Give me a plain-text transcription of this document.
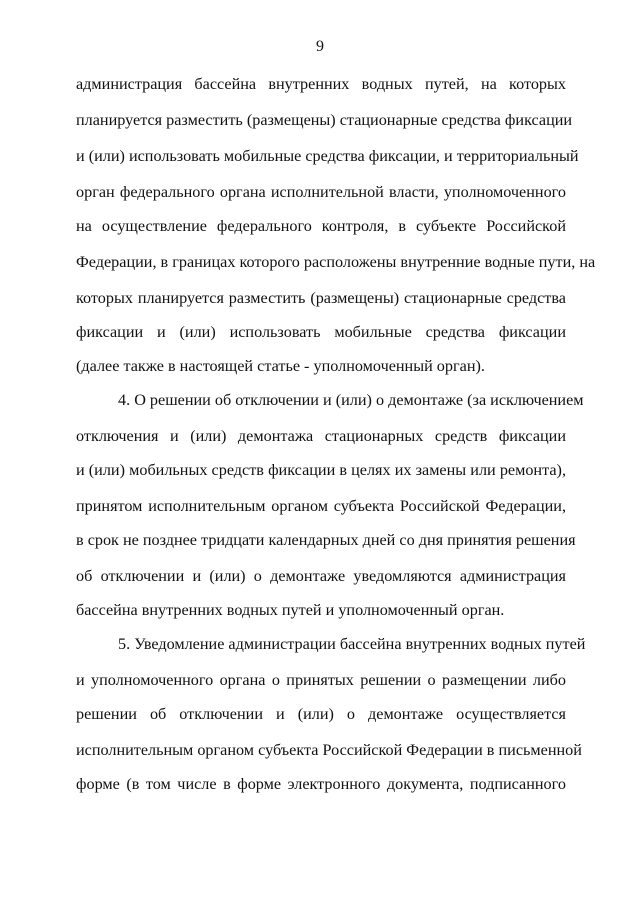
9
администрация бассейна внутренних водных путей, на которых
планируется разместить (размещены) стационарные средства фиксации
и (или) использовать мобильные средства фиксации, и территориальный
орган федерального органа исполнительной власти, уполномоченного
на осуществление федерального контроля, в субъекте Российской
Федерации, в границах которого расположены внутренние водные пути, на
которых планируется разместить (размещены) стационарные средства
фиксации и (или) использовать мобильные средства фиксации
(далее также в настоящей статье - уполномоченный орган).
4. О решении об отключении и (или) о демонтаже (за исключением
отключения и (или) демонтажа стационарных средств фиксации
и (или) мобильных средств фиксации в целях их замены или ремонта),
принятом исполнительным органом субъекта Российской Федерации,
в срок не позднее тридцати календарных дней со дня принятия решения
об отключении и (или) о демонтаже уведомляются администрация
бассейна внутренних водных путей и уполномоченный орган.
5. Уведомление администрации бассейна внутренних водных путей
и уполномоченного органа о принятых решении о размещении либо
решении об отключении и (или) о демонтаже осуществляется
исполнительным органом субъекта Российской Федерации в письменной
форме (в том числе в форме электронного документа, подписанного
